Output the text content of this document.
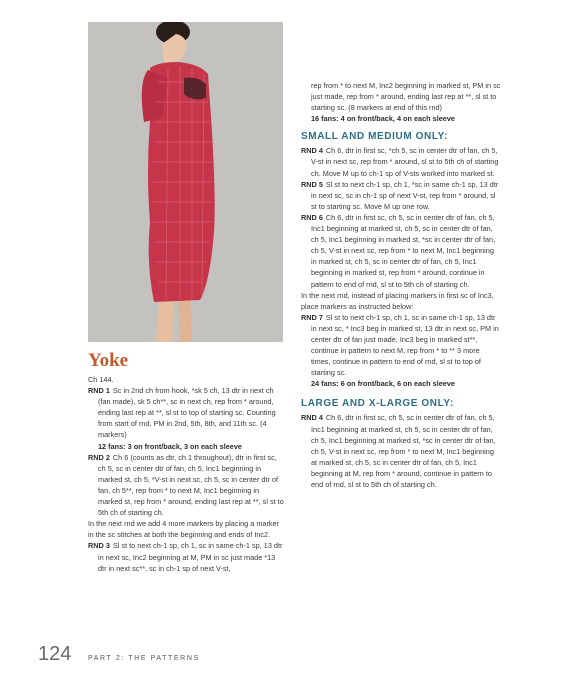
Yoke

Ch 144.

RND 1 Sc in 2nd ch from hook, *sk 5 ch, 13 dtr in next ch (fan made), sk 5 ch**, sc in next ch, rep from * around, ending last rep at **, sl st to top of starting sc. Counting from start of rnd, PM in 2nd, 5th, 8th, and 11th sc. (4 markers)

12 fans: 3 on front/back, 3 on each sleeve

RND 2 Ch 6 (counts as dtr, ch 1 throughout), dtr in first sc, ch 5, sc in center dtr of fan, ch 5, Inc1 beginning in marked st, ch 5, *V-st in next sc, ch 5, sc in center dtr of fan, ch 5**, rep from * to next M, Inc1 beginning in marked st, rep from * around, ending last rep at **, sl st to 5th ch of starting ch.

In the next rnd we add 4 more markers by placing a marker in the sc stitches at both the beginning and ends of Inc2.

RND 3 Sl st to next ch-1 sp, ch 1, sc in same ch-1 sp, 13 dtr in next sc, Inc2 beginning at M, PM in sc just made *13 dtr in next sc**, sc in ch-1 sp of next V-st,

rep from * to next M, Inc2 beginning in marked st, PM in sc just made, rep from * around, ending last rep at **, sl st to starting sc. (8 markers at end of this rnd)

16 fans: 4 on front/back, 4 on each sleeve

SMALL AND MEDIUM ONLY:

RND 4 Ch 6, dtr in first sc, *ch 5, sc in center dtr of fan, ch 5, V-st in next sc, rep from * around, sl st to 5th ch of starting ch. Move M up to ch-1 sp of V-sts worked into marked st.

RND 5 Sl st to next ch-1 sp, ch 1, *sc in same ch-1 sp, 13 dtr in next sc, sc in ch-1 sp of next V-st, rep from * around, sl st to starting sc. Move M up one row.

RND 6 Ch 6, dtr in first sc, ch 5, sc in center dtr of fan, ch 5, Inc1 beginning at marked st, ch 5, sc in center dtr of fan, ch 5, Inc1 beginning in marked st, *sc in center dtr of fan, ch 5, V-st in next sc, rep from * to next M, Inc1 beginning in marked st, ch 5, sc in center dtr of fan, ch 5, Inc1 beginning in marked st, rep from * around, continue in pattern to end of rnd, sl st to 5th ch of starting ch.

In the next rnd, instead of placing markers in first sc of Inc3, place markers as instructed below:

RND 7 Sl st to next ch-1 sp, ch 1, sc in same ch-1 sp, 13 dtr in next sc, * Inc3 beg in marked st, 13 dtr in next sc, PM in center dtr of fan just made, Inc3 beg in marked st**, continue in pattern to next M, rep from * to ** 3 more times, continue in pattern to end of rnd, sl st to top of starting sc.

24 fans: 6 on front/back, 6 on each sleeve

LARGE AND X-LARGE ONLY:

RND 4 Ch 6, dtr in first sc, ch 5, sc in center dtr of fan, ch 5, Inc1 beginning at marked st, ch 5, sc in center dtr of fan, ch 5, Inc1 beginning at marked st, *sc in center dtr of fan, ch 5, V-st in next sc, rep from * to next M, Inc1 beginning at marked st, ch 5, sc in center dtr of fan, ch 5, Inc1 beginning at M, rep from * around, continue in pattern to end of rnd, sl st to 5th ch of starting ch.

124 PART 2: THE PATTERNS
